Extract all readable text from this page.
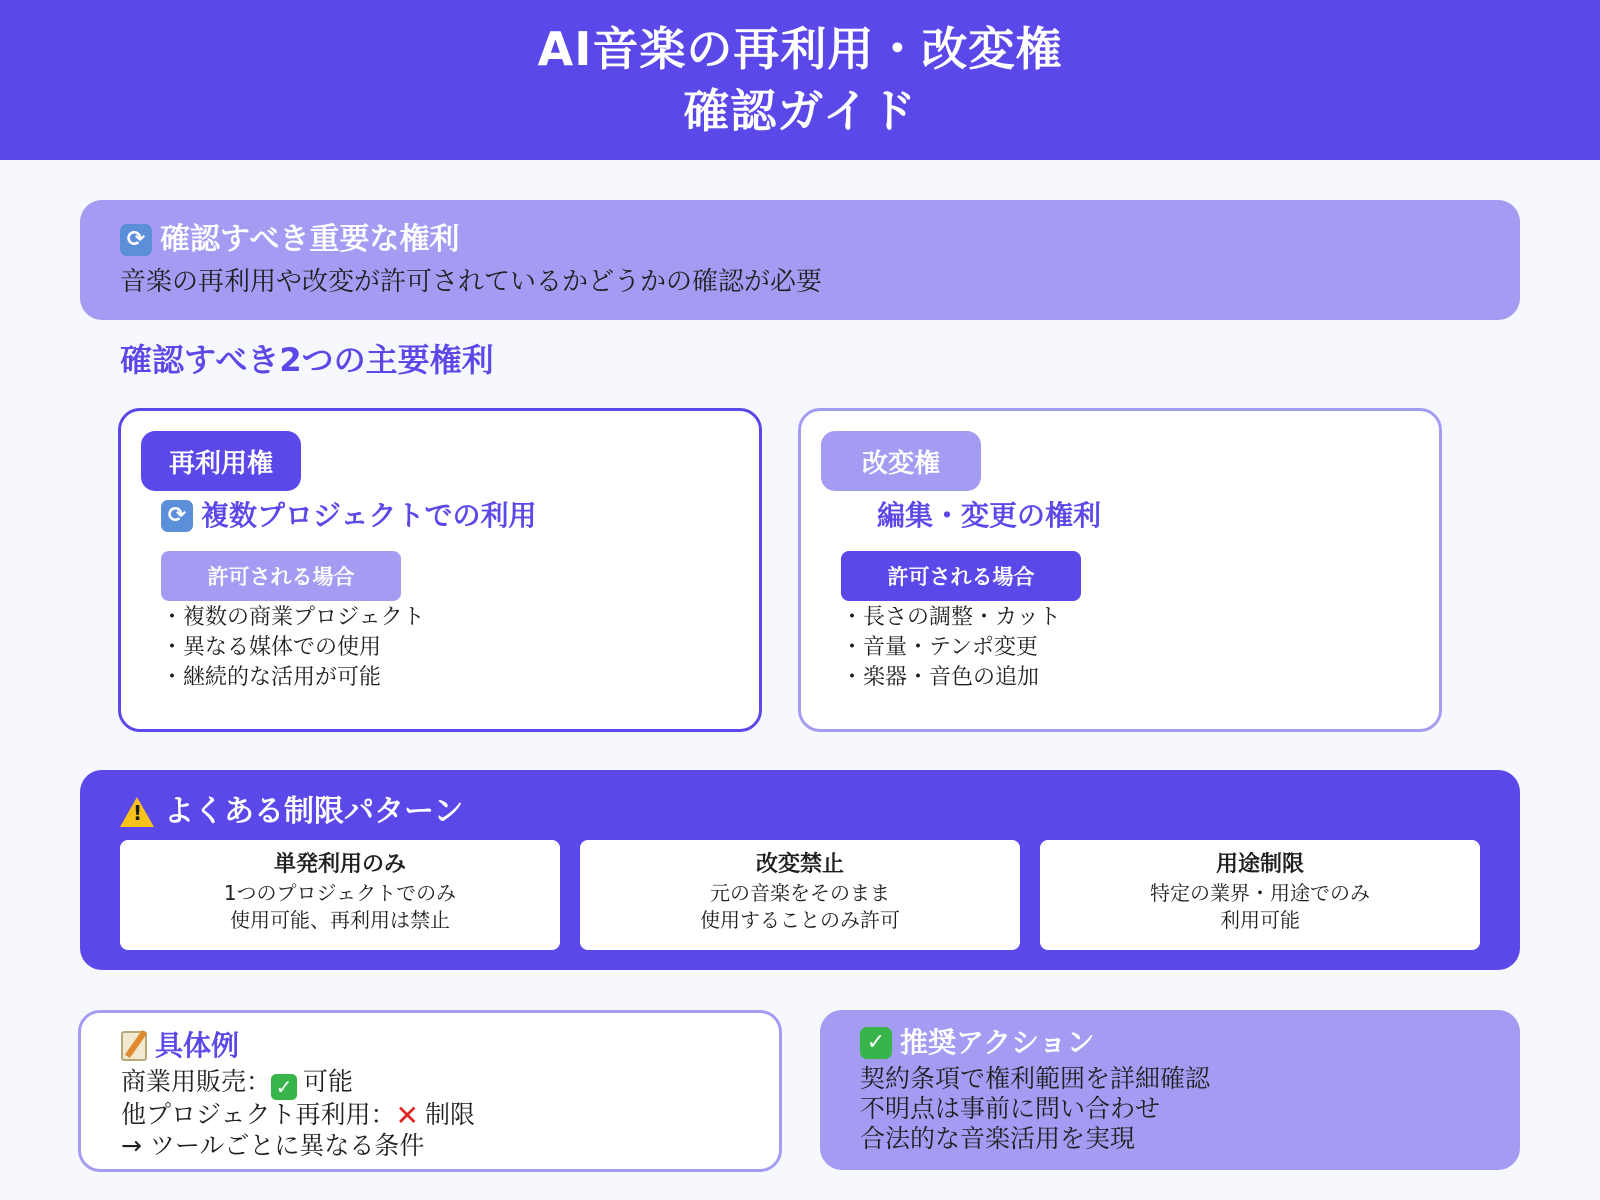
AI音楽の再利用・改変権
確認ガイド
⟳ 確認すべき重要な権利
音楽の再利用や改変が許可されているかどうかの確認が必要
確認すべき2つの主要権利
再利用権
⟳ 複数プロジェクトでの利用
許可される場合
・ 複数の商業プロジェクト
・ 異なる媒体での使用
・ 継続的な活用が可能
改変権
編集・変更の権利
許可される場合
・ 長さの調整・カット
・ 音量・テンポ変更
・ 楽器・音色の追加
!
よくある制限パターン
単発利用のみ
1つのプロジェクトでのみ
使用可能、再利用は禁止
改変禁止
元の音楽をそのまま
使用することのみ許可
用途制限
特定の業界・用途でのみ
利用可能
具体例
商業用販売： ✓ 可能
他プロジェクト再利用：✕ 制限
→ ツールごとに異なる条件
✓ 推奨アクション
契約条項で権利範囲を詳細確認
不明点は事前に問い合わせ
合法的な音楽活用を実現
